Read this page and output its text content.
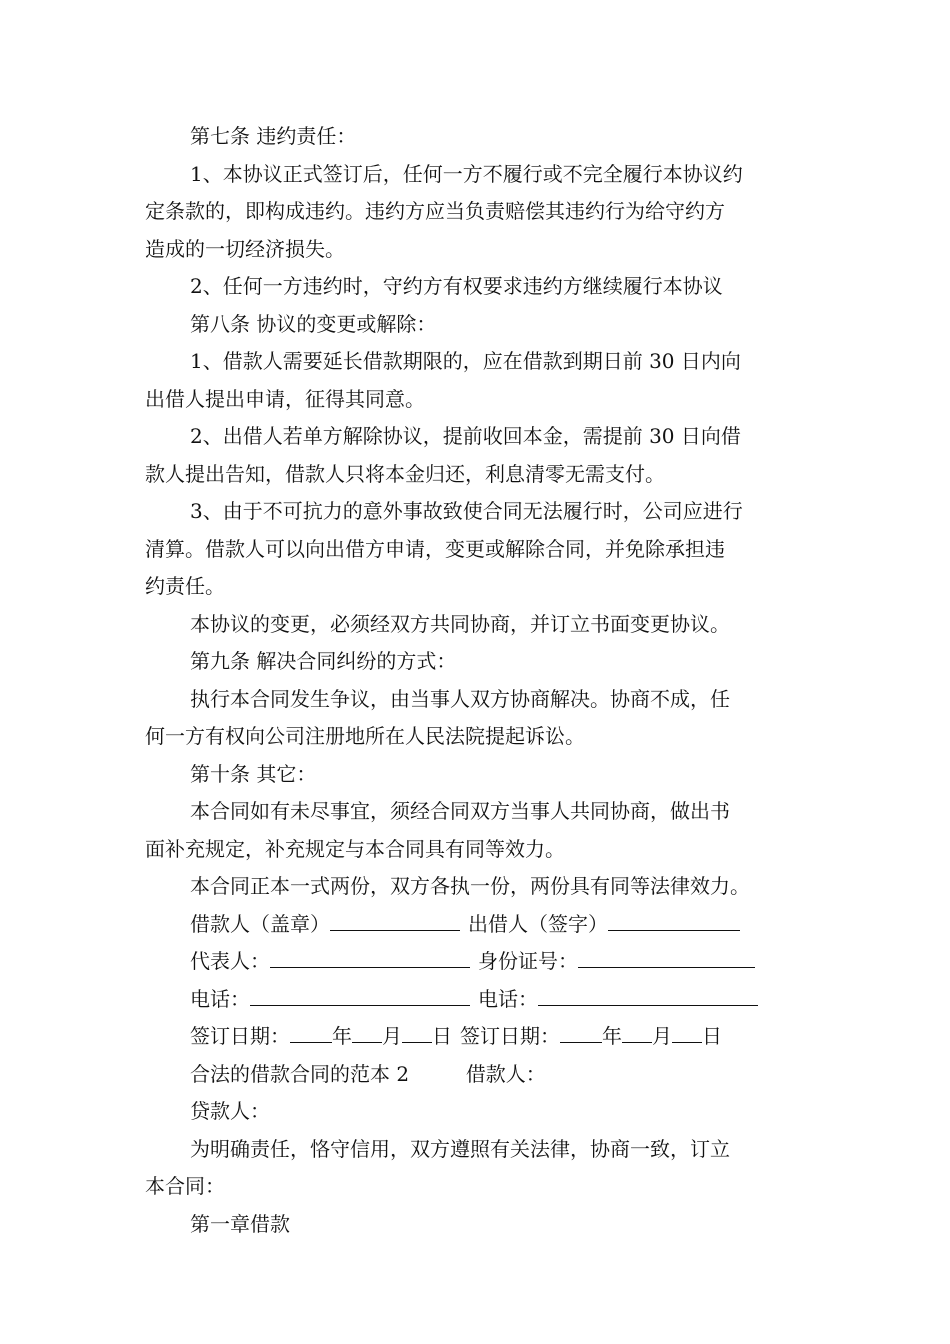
第七条 违约责任：
1、本协议正式签订后，任何一方不履行或不完全履行本协议约
定条款的，即构成违约。违约方应当负责赔偿其违约行为给守约方
造成的一切经济损失。
2、任何一方违约时，守约方有权要求违约方继续履行本协议
第八条 协议的变更或解除：
1、借款人需要延长借款期限的，应在借款到期日前 30 日内向
出借人提出申请，征得其同意。
2、出借人若单方解除协议，提前收回本金，需提前 30 日向借
款人提出告知，借款人只将本金归还，利息清零无需支付。
3、由于不可抗力的意外事故致使合同无法履行时，公司应进行
清算。借款人可以向出借方申请，变更或解除合同，并免除承担违
约责任。
本协议的变更，必须经双方共同协商，并订立书面变更协议。
第九条 解决合同纠纷的方式：
执行本合同发生争议，由当事人双方协商解决。协商不成，任
何一方有权向公司注册地所在人民法院提起诉讼。
第十条 其它：
本合同如有未尽事宜，须经合同双方当事人共同协商，做出书
面补充规定，补充规定与本合同具有同等效力。
本合同正本一式两份，双方各执一份，两份具有同等法律效力。
借款人（盖章）	出借人（签字）
代表人：	身份证号：
电话：	电话：
签订日期： 年 月 日 签订日期： 年 月 日
合法的借款合同的范本 2	借款人：
贷款人：
为明确责任，恪守信用，双方遵照有关法律，协商一致，订立
本合同：
第一章借款
